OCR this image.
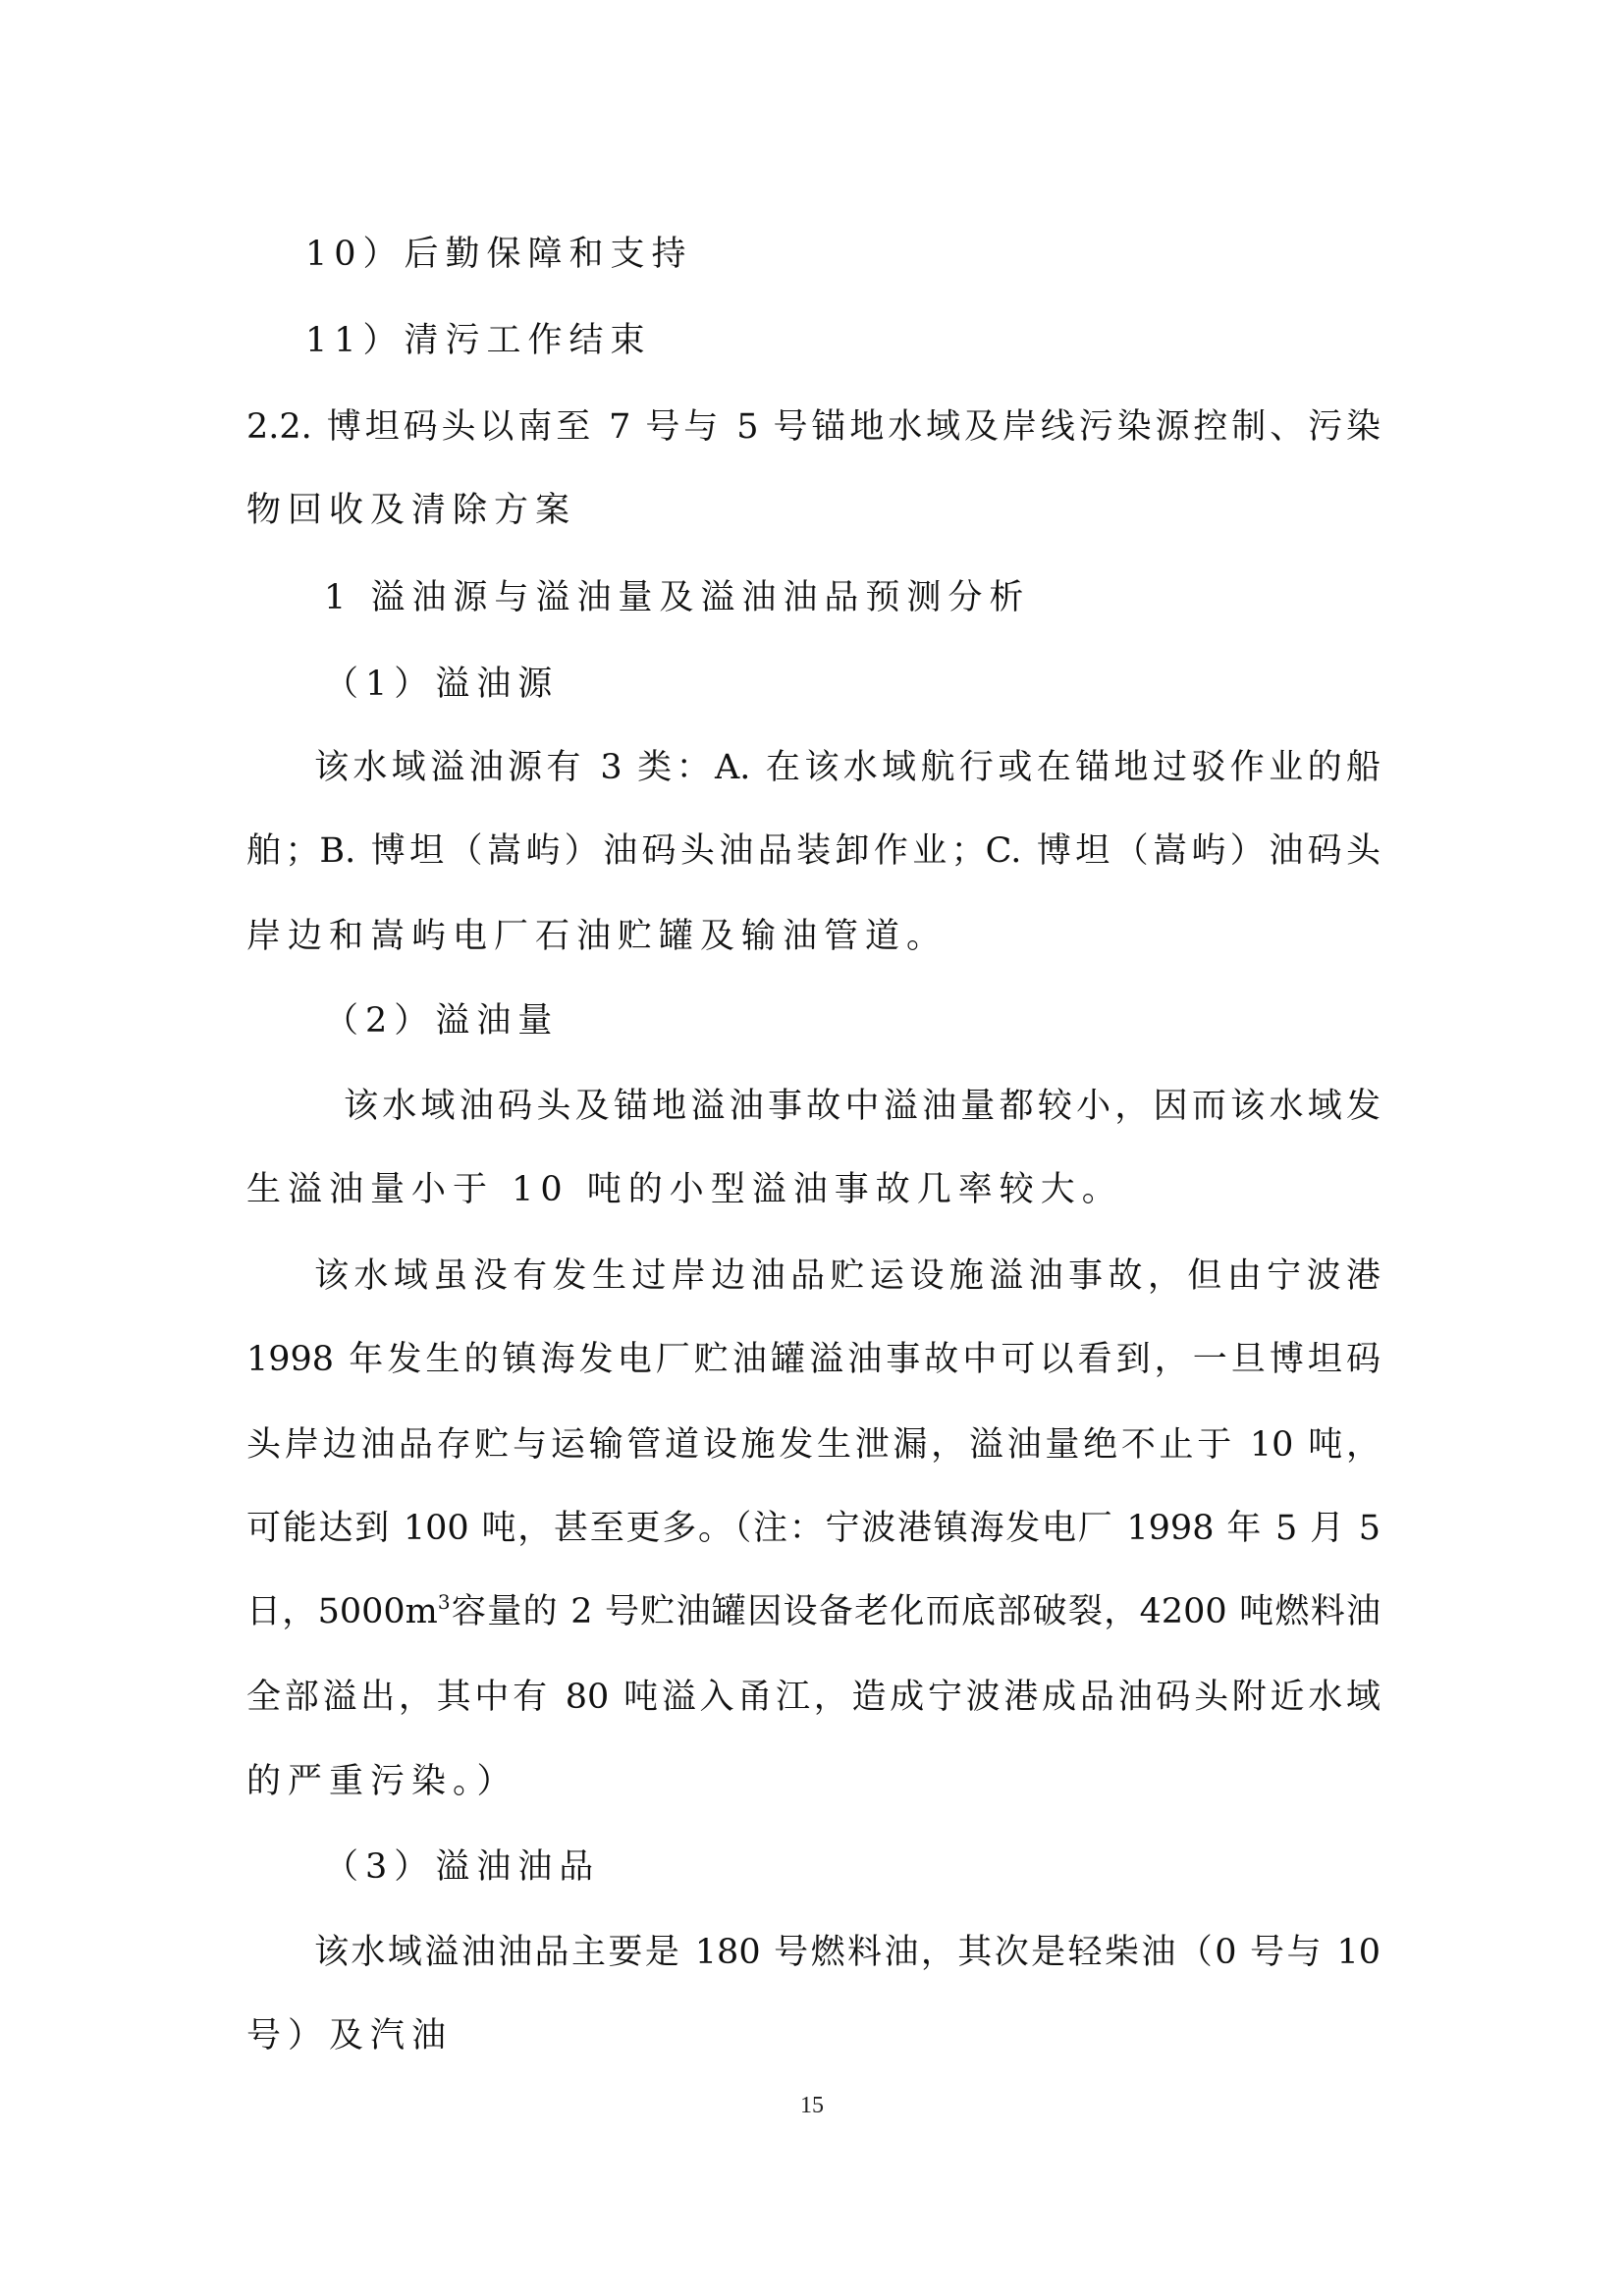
10）后勤保障和支持
11）清污工作结束
2.2. 博坦码头以南至 7 号与 5 号锚地水域及岸线污染源控制、污染
物回收及清除方案
1 溢油源与溢油量及溢油油品预测分析
（1）溢油源
该水域溢油源有 3 类：A. 在该水域航行或在锚地过驳作业的船
舶；B. 博坦（嵩屿）油码头油品装卸作业；C. 博坦（嵩屿）油码头
岸边和嵩屿电厂石油贮罐及输油管道。
（2）溢油量
该水域油码头及锚地溢油事故中溢油量都较小，因而该水域发
生溢油量小于 10 吨的小型溢油事故几率较大。
该水域虽没有发生过岸边油品贮运设施溢油事故，但由宁波港
1998 年发生的镇海发电厂贮油罐溢油事故中可以看到，一旦博坦码
头岸边油品存贮与运输管道设施发生泄漏，溢油量绝不止于 10 吨，
可能达到 100 吨，甚至更多。（注：宁波港镇海发电厂 1998 年 5 月 5
日，$5000m^3$容量的 2 号贮油罐因设备老化而底部破裂，4200 吨燃料油
全部溢出，其中有 80 吨溢入甬江，造成宁波港成品油码头附近水域
的严重污染。）
（3）溢油油品
该水域溢油油品主要是 180 号燃料油，其次是轻柴油（0 号与 10
号）及汽油
15
